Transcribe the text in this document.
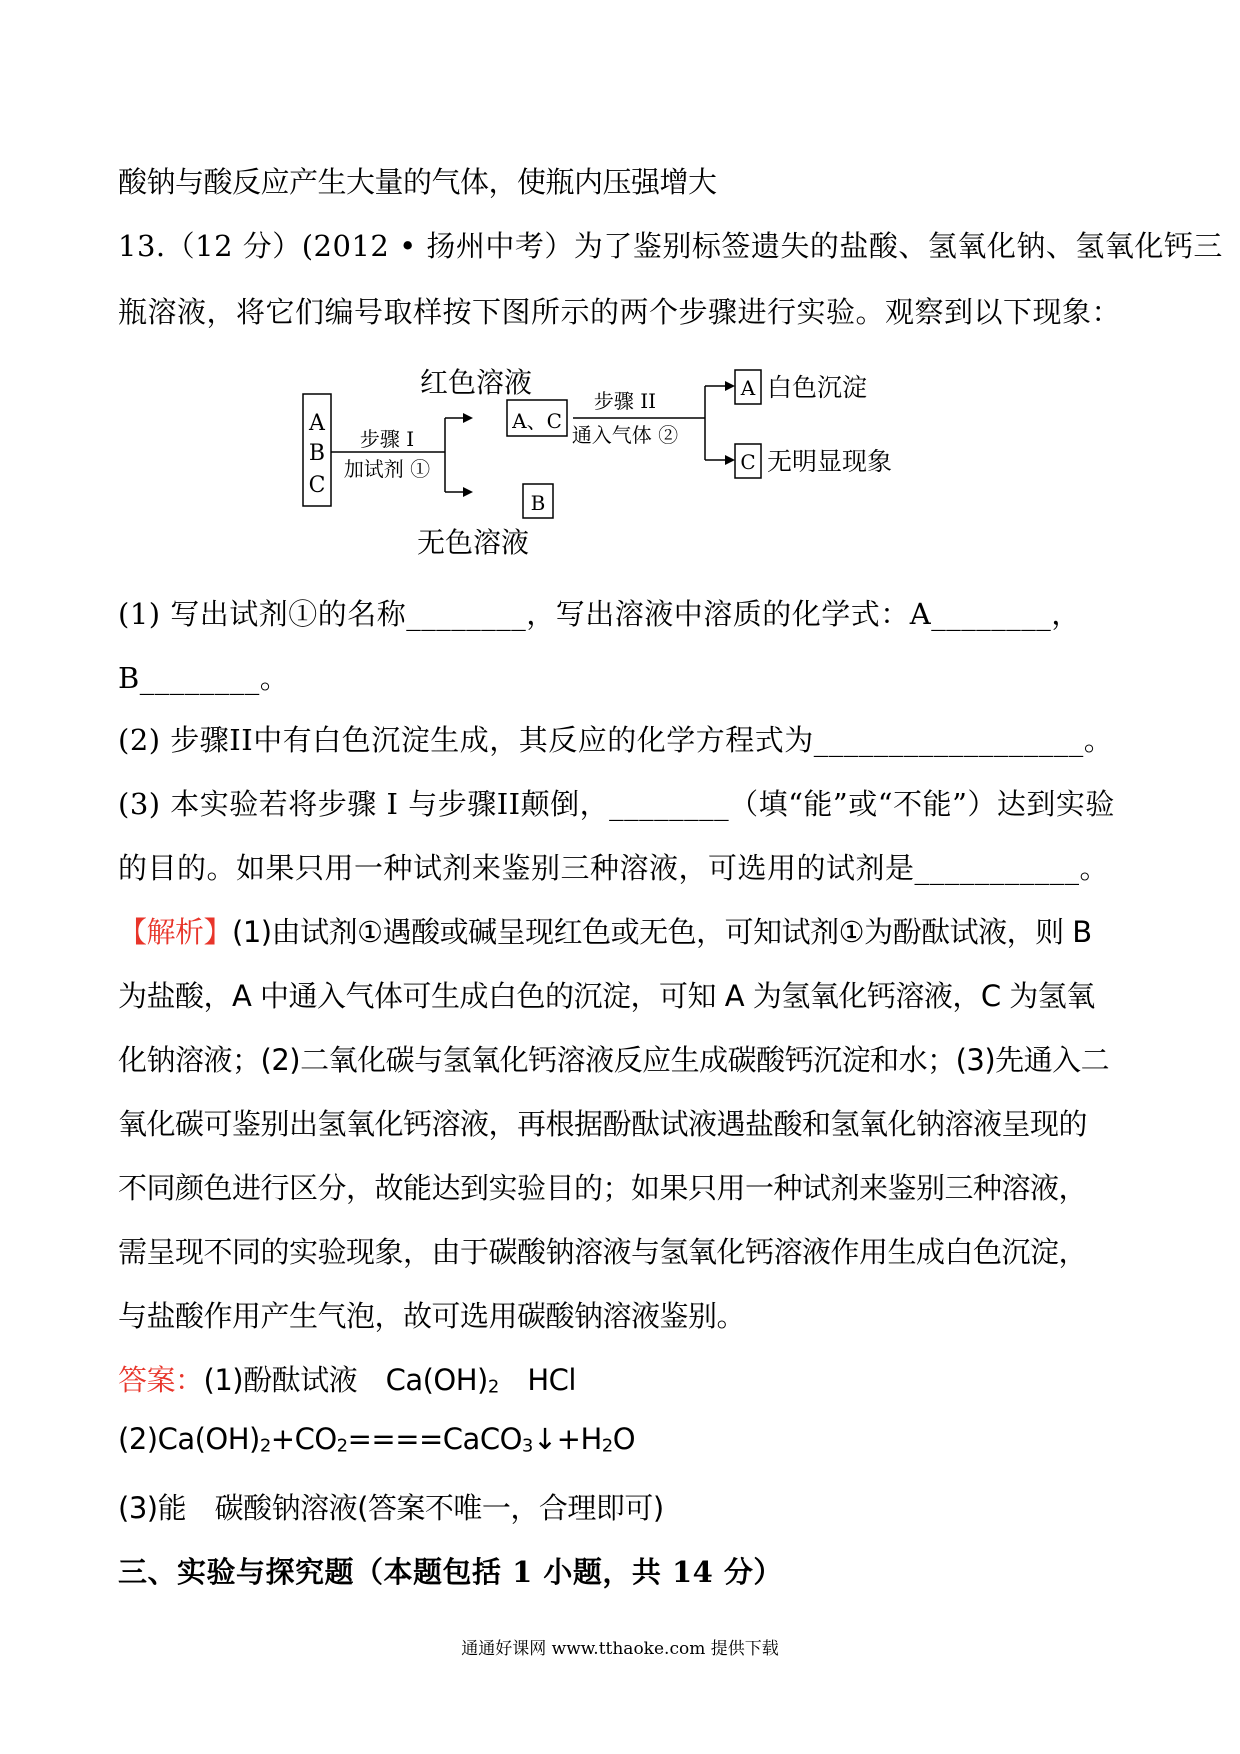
酸钠与酸反应产生大量的气体，使瓶内压强增大
13.（12 分）(2012 • 扬州中考）为了鉴别标签遗失的盐酸、氢氧化钠、氢氧化钙三
瓶溶液，将它们编号取样按下图所示的两个步骤进行实验。观察到以下现象：
A
B
C
步骤 I
加试剂 ①
红色溶液
A、C
B
无色溶液
步骤 II
通入气体 ②
A 白色沉淀
C 无明显现象
(1) 写出试剂①的名称________，写出溶液中溶质的化学式：A________，
B________。
(2) 步骤II中有白色沉淀生成，其反应的化学方程式为__________________。
(3) 本实验若将步骤 I 与步骤II颠倒，________（填“能”或“不能”）达到实验
的目的。如果只用一种试剂来鉴别三种溶液，可选用的试剂是___________。
【解析】(1)由试剂①遇酸或碱呈现红色或无色，可知试剂①为酚酞试液，则 B
为盐酸，A 中通入气体可生成白色的沉淀，可知 A 为氢氧化钙溶液，C 为氢氧
化钠溶液；(2)二氧化碳与氢氧化钙溶液反应生成碳酸钙沉淀和水；(3)先通入二
氧化碳可鉴别出氢氧化钙溶液，再根据酚酞试液遇盐酸和氢氧化钠溶液呈现的
不同颜色进行区分，故能达到实验目的；如果只用一种试剂来鉴别三种溶液，
需呈现不同的实验现象，由于碳酸钠溶液与氢氧化钙溶液作用生成白色沉淀，
与盐酸作用产生气泡，故可选用碳酸钠溶液鉴别。
答案：(1)酚酞试液　$Ca(OH)_2$　HCl
$(2)Ca(OH)_2+CO_2====CaCO_3↓+H_2O$
(3)能　碳酸钠溶液(答案不唯一，合理即可)
三、实验与探究题（本题包括 1 小题，共 14 分）
通通好课网 www.tthaoke.com 提供下载
